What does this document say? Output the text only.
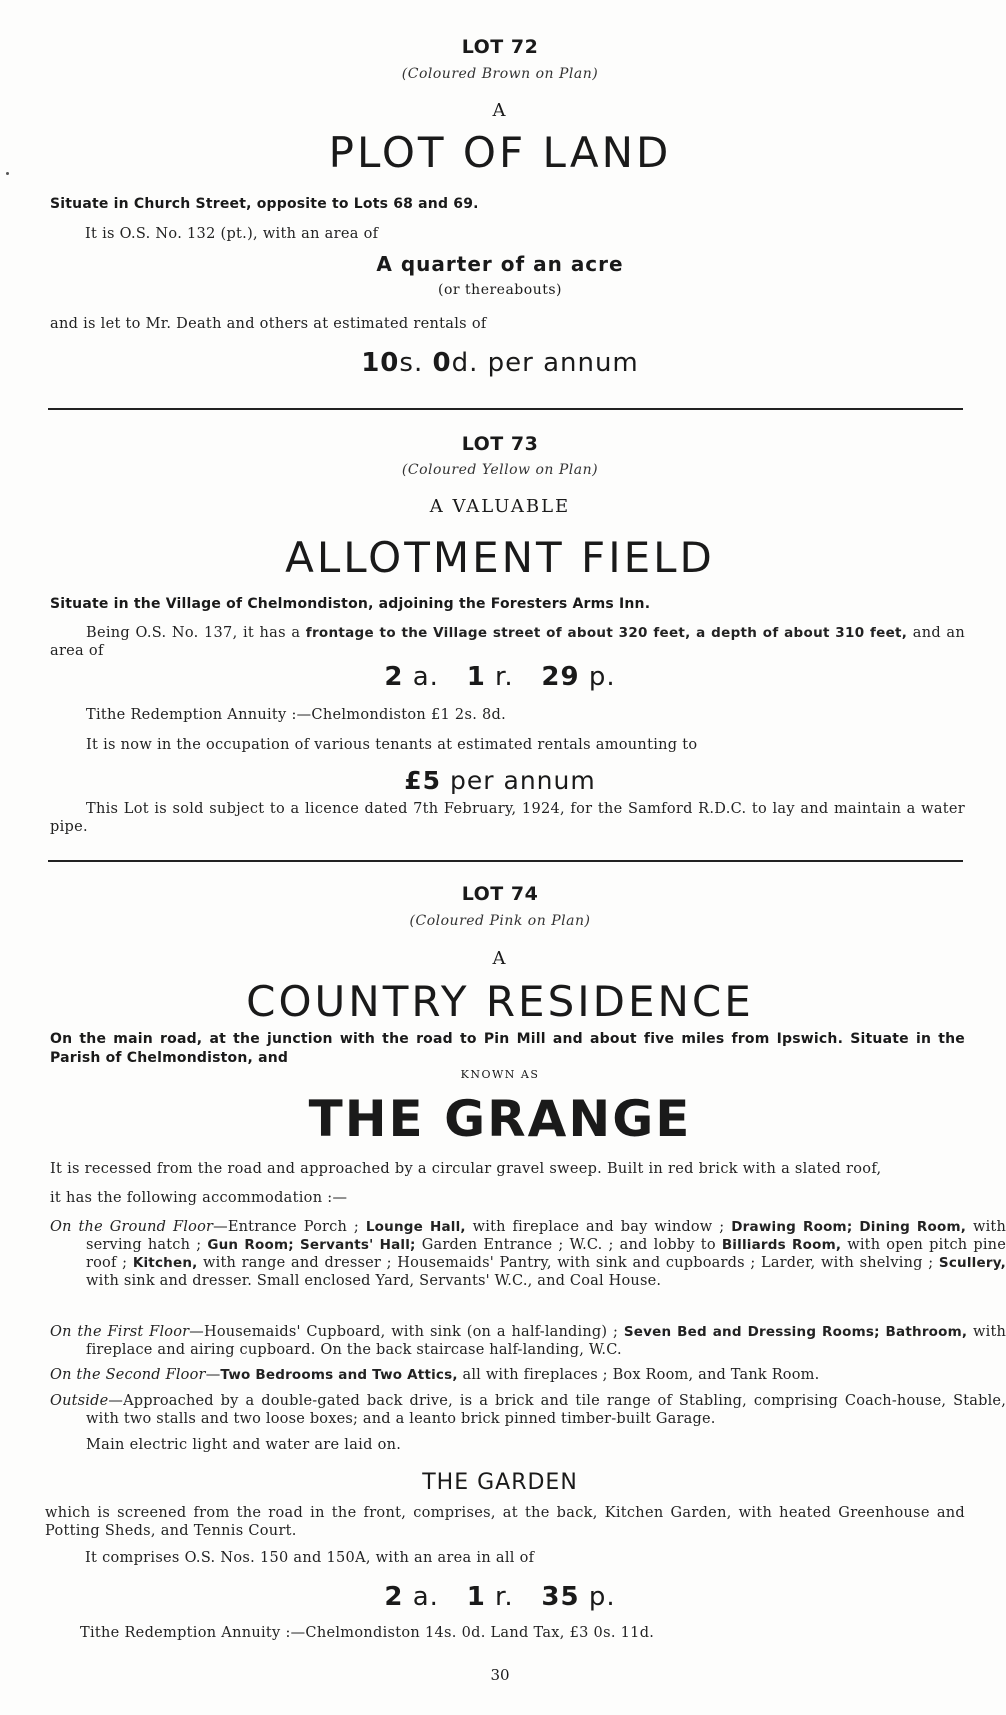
LOT 72
(Coloured Brown on Plan)
A
PLOT OF LAND
Situate in Church Street, opposite to Lots 68 and 69.
It is O.S. No. 132 (pt.), with an area of
A quarter of an acre
(or thereabouts)
and is let to Mr. Death and others at estimated rentals of
10s. 0d. per annum
LOT 73
(Coloured Yellow on Plan)
A VALUABLE
ALLOTMENT FIELD
Situate in the Village of Chelmondiston, adjoining the Foresters Arms Inn.
Being O.S. No. 137, it has a frontage to the Village street of about 320 feet, a depth of about 310 feet, and an area of
2 a. 1 r. 29 p.
Tithe Redemption Annuity :—Chelmondiston £1 2s. 8d.
It is now in the occupation of various tenants at estimated rentals amounting to
£5 per annum
This Lot is sold subject to a licence dated 7th February, 1924, for the Samford R.D.C. to lay and maintain a water pipe.
LOT 74
(Coloured Pink on Plan)
A
COUNTRY RESIDENCE
On the main road, at the junction with the road to Pin Mill and about five miles from Ipswich. Situate in the Parish of Chelmondiston, and
KNOWN AS
THE GRANGE
It is recessed from the road and approached by a circular gravel sweep. Built in red brick with a slated roof,
it has the following accommodation :—
On the Ground Floor—Entrance Porch ; Lounge Hall, with fireplace and bay window ; Drawing Room; Dining Room, with serving hatch ; Gun Room; Servants' Hall; Garden Entrance ; W.C. ; and lobby to Billiards Room, with open pitch pine roof ; Kitchen, with range and dresser ; Housemaids' Pantry, with sink and cupboards ; Larder, with shelving ; Scullery, with sink and dresser. Small enclosed Yard, Servants' W.C., and Coal House.
On the First Floor—Housemaids' Cupboard, with sink (on a half-landing) ; Seven Bed and Dressing Rooms; Bathroom, with fireplace and airing cupboard. On the back staircase half-landing, W.C.
On the Second Floor—Two Bedrooms and Two Attics, all with fireplaces ; Box Room, and Tank Room.
Outside—Approached by a double-gated back drive, is a brick and tile range of Stabling, comprising Coach-house, Stable, with two stalls and two loose boxes; and a leanto brick pinned timber-built Garage.
Main electric light and water are laid on.
THE GARDEN
which is screened from the road in the front, comprises, at the back, Kitchen Garden, with heated Greenhouse and Potting Sheds, and Tennis Court.
It comprises O.S. Nos. 150 and 150A, with an area in all of
2 a. 1 r. 35 p.
Tithe Redemption Annuity :—Chelmondiston 14s. 0d. Land Tax, £3 0s. 11d.
30
